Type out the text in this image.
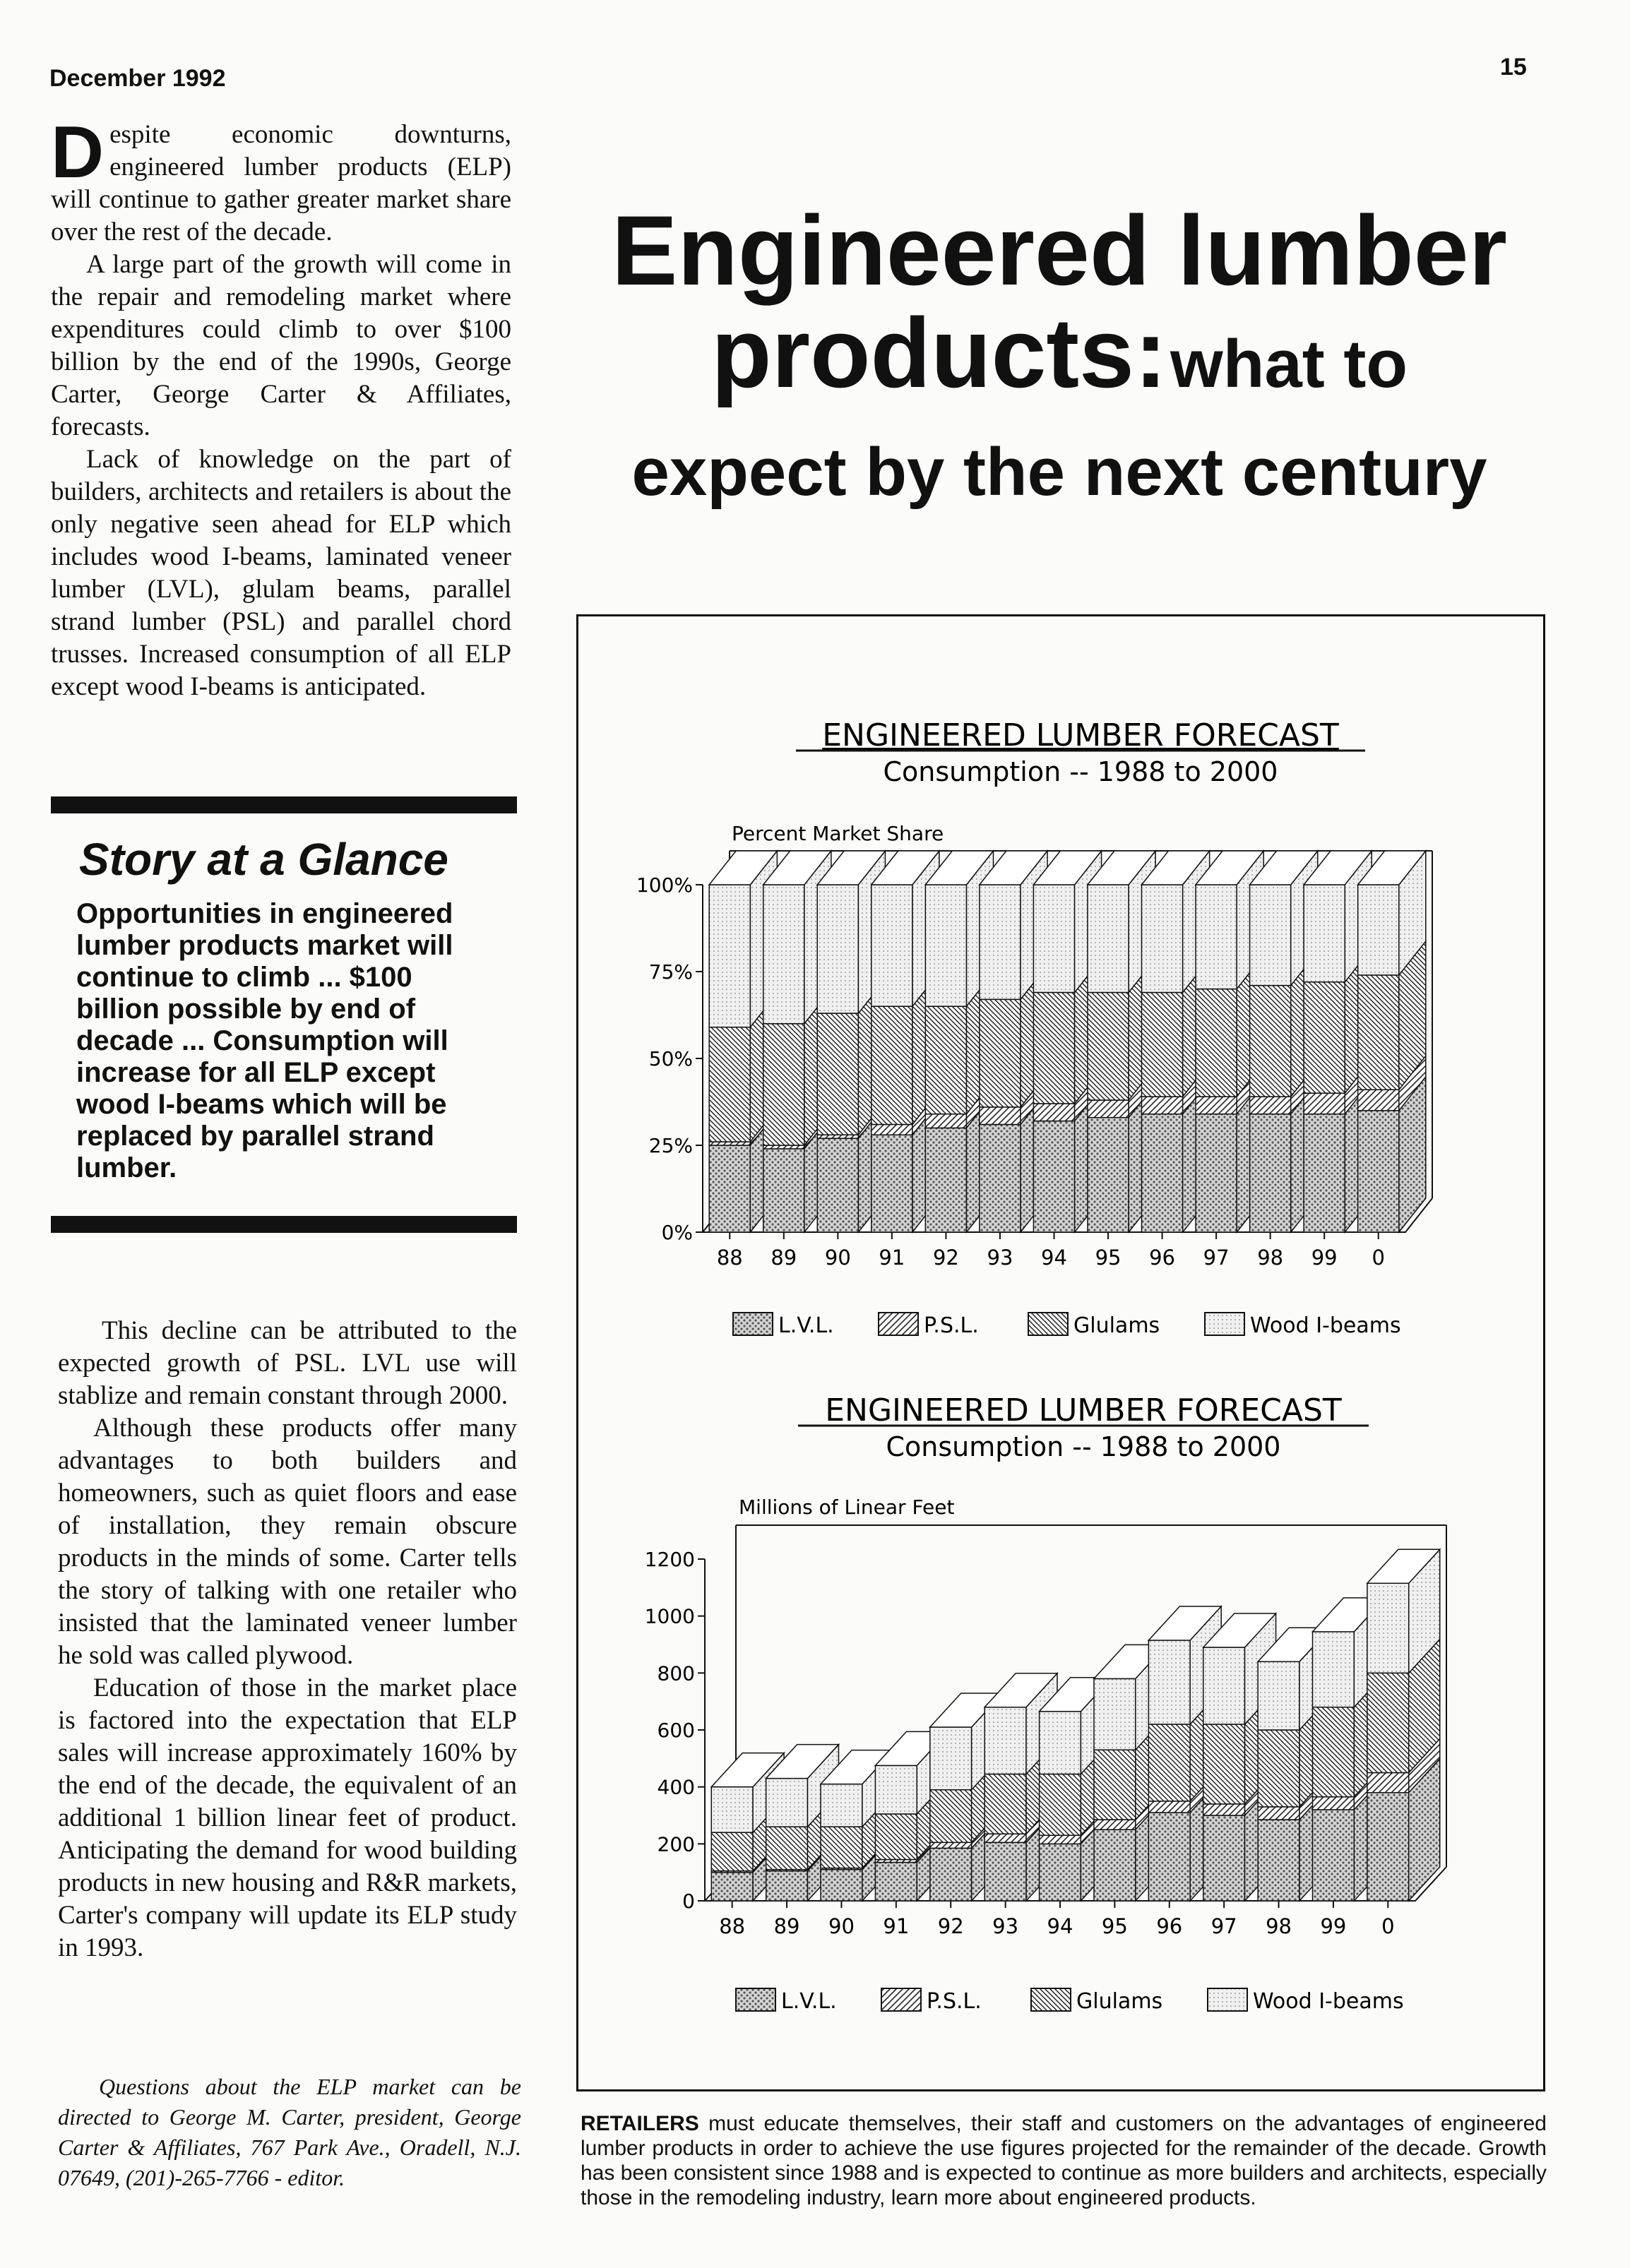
December 1992	15

Despite economic downturns, engineered lumber products (ELP) will continue to gather greater market share over the rest of the decade.

A large part of the growth will come in the repair and remodeling market where expenditures could climb to over $100 billion by the end of the 1990s, George Carter, George Carter & Affiliates, forecasts.

Lack of knowledge on the part of builders, architects and retailers is about the only negative seen ahead for ELP which includes wood I-beams, laminated veneer lumber (LVL), glulam beams, parallel strand lumber (PSL) and parallel chord trusses. Increased consumption of all ELP except wood I-beams is anticipated.

Engineered lumber
products: what to
expect by the next century
Story at a Glance
Opportunities in engineered lumber products market will continue to climb ... $100 billion possible by end of decade ... Consumption will increase for all ELP except wood I-beams which will be replaced by parallel strand lumber.

This decline can be attributed to the expected growth of PSL. LVL use will stablize and remain constant through 2000.

Although these products offer many advantages to both builders and homeowners, such as quiet floors and ease of installation, they remain obscure products in the minds of some. Carter tells the story of talking with one retailer who insisted that the laminated veneer lumber he sold was called plywood.

Education of those in the market place is factored into the expectation that ELP sales will increase approximately 160% by the end of the decade, the equivalent of an additional 1 billion linear feet of product. Anticipating the demand for wood building products in new housing and R&R markets, Carter's company will update its ELP study in 1993.

Questions about the ELP market can be directed to George M. Carter, president, George Carter & Affiliates, 767 Park Ave., Oradell, N.J. 07649, (201)-265-7766 - editor.
ENGINEERED LUMBER FORECAST
Consumption -- 1988 to 2000
Percent Market Share
0%
25%
50%
75%
100%
88 89 90 91 92 93 94 95 96 97 98 99 0
L.V.L.	P.S.L.	Glulams	Wood I-beams
ENGINEERED LUMBER FORECAST
Consumption -- 1988 to 2000
Millions of Linear Feet
0
200
400
600
800
1000
1200
88 89 90 91 92 93 94 95 96 97 98 99 0
L.V.L.	P.S.L.	Glulams	Wood I-beams
RETAILERS must educate themselves, their staff and customers on the advantages of engineered lumber products in order to achieve the use figures projected for the remainder of the decade. Growth has been consistent since 1988 and is expected to continue as more builders and architects, especially those in the remodeling industry, learn more about engineered products.
